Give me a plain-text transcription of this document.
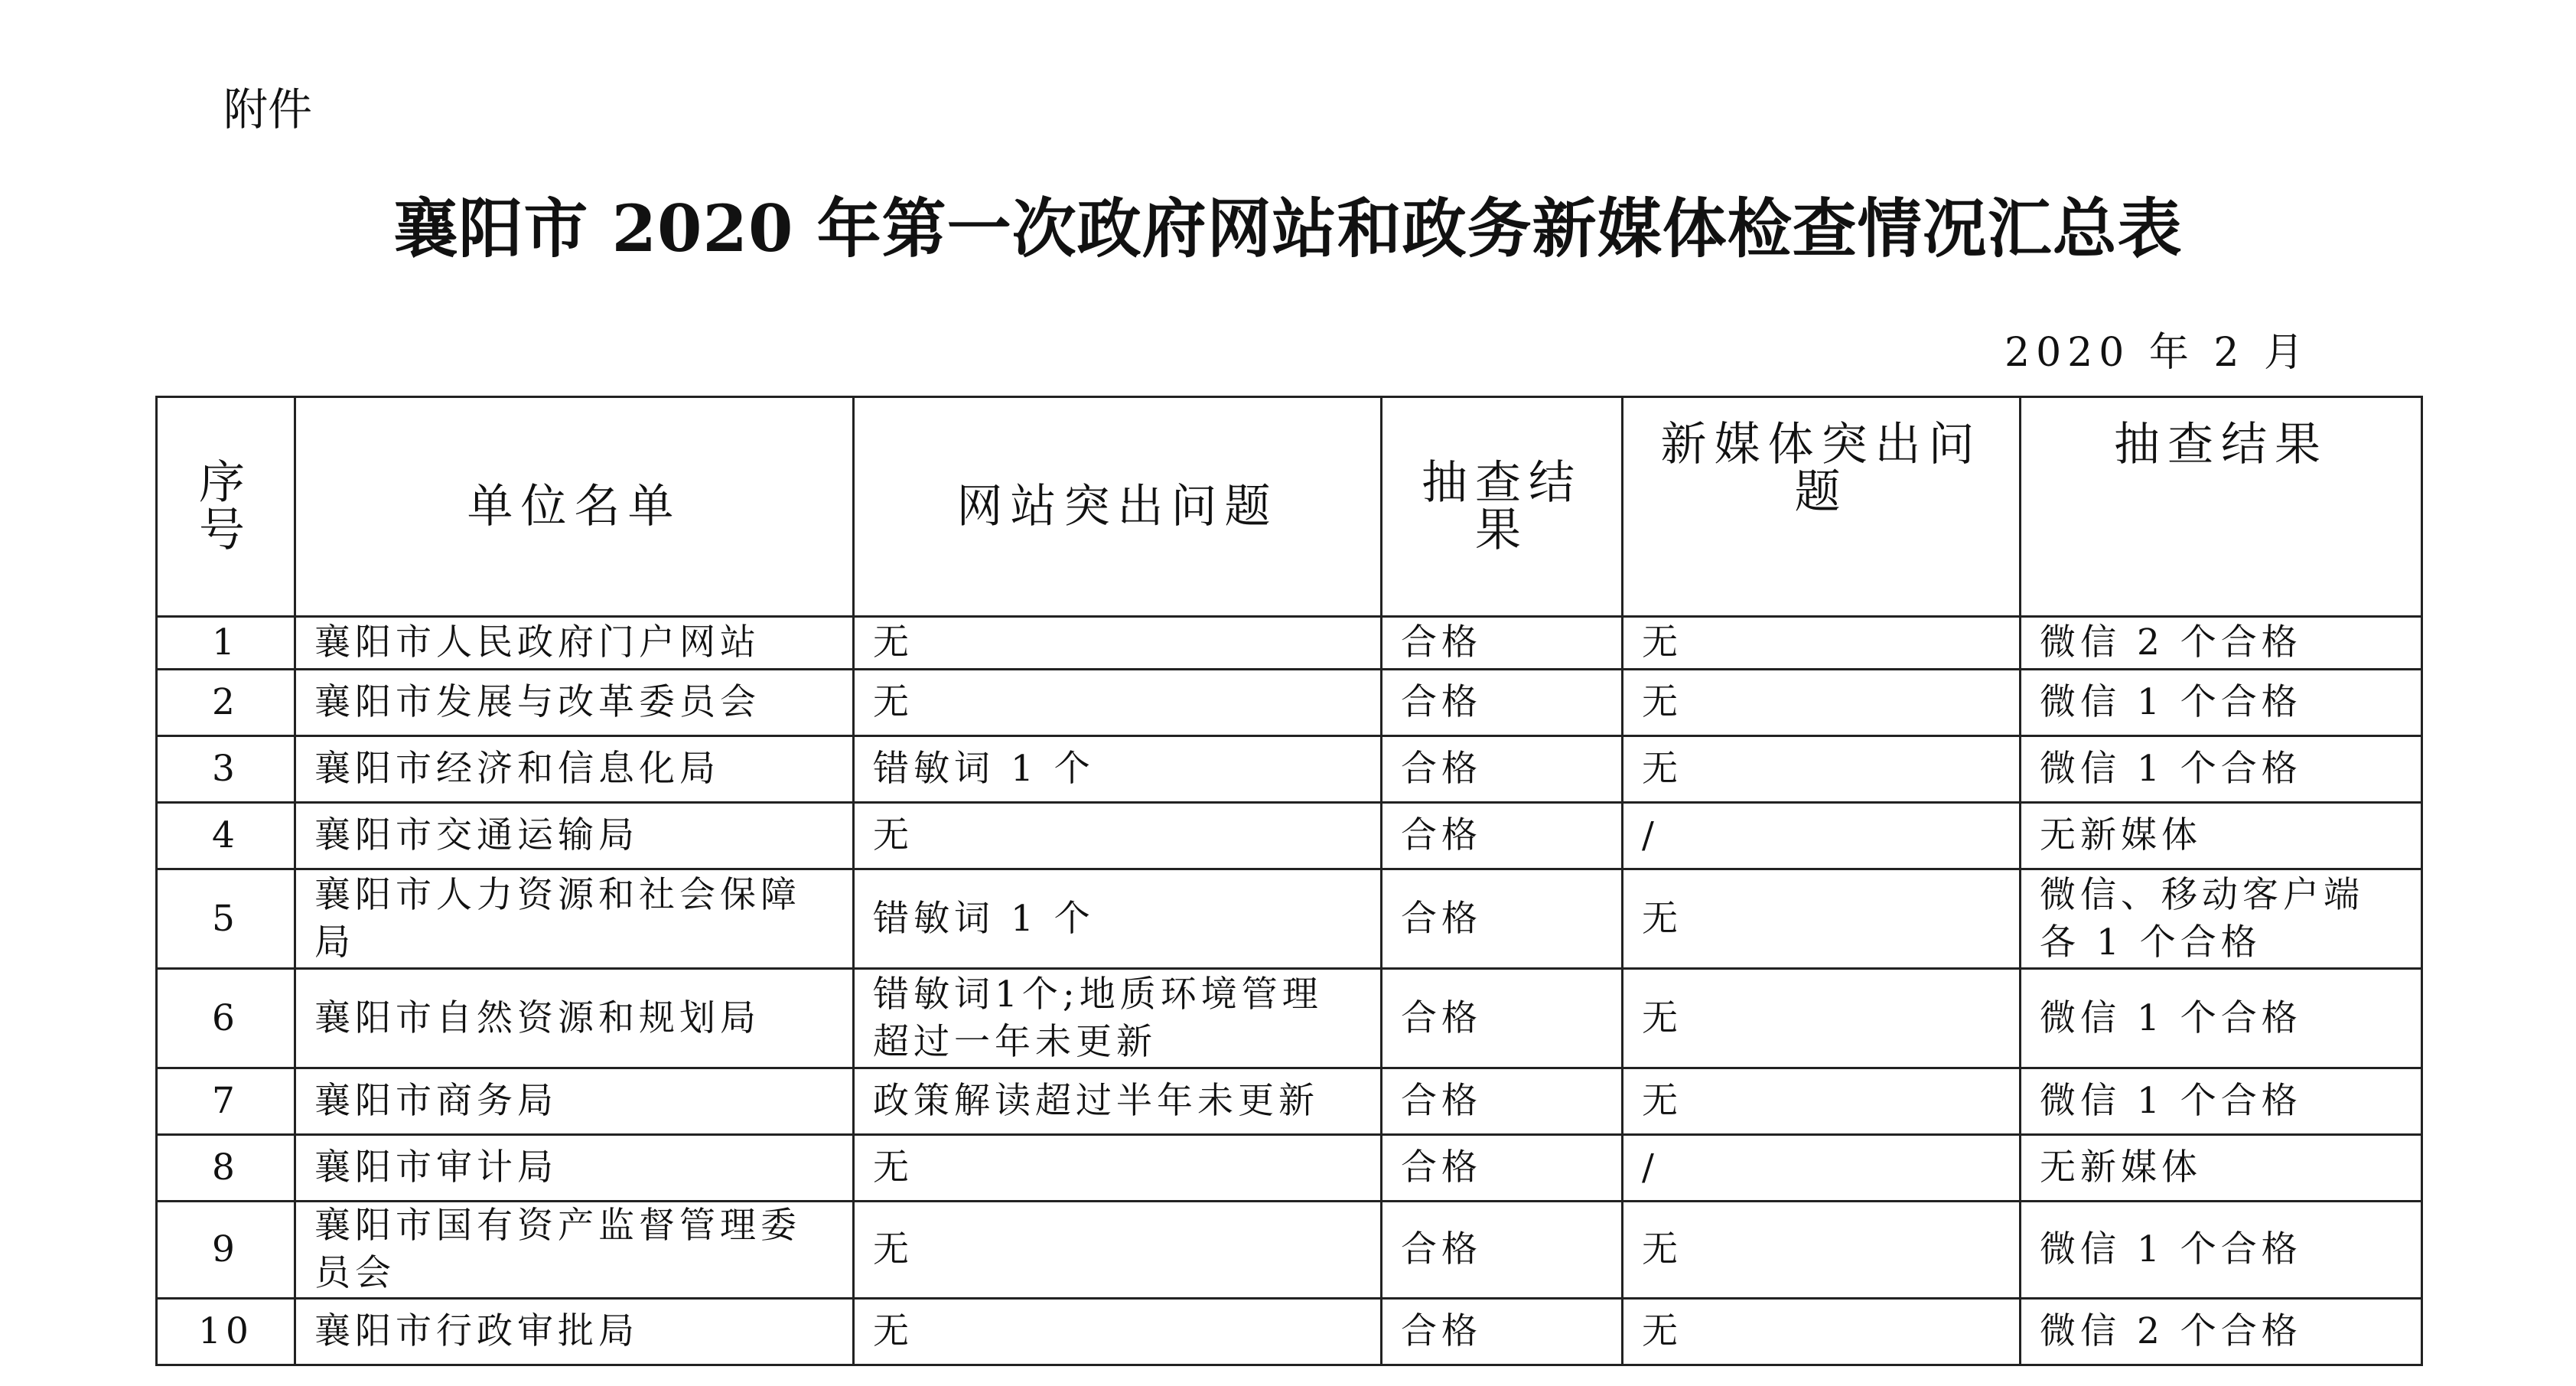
附件
襄阳市 2020 年第一次政府网站和政务新媒体检查情况汇总表
2020 年 2 月
序号	单位名单	网站突出问题	抽查结果	新媒体突出问题	抽查结果
1	襄阳市人民政府门户网站	无	合格	无	微信 2 个合格
2	襄阳市发展与改革委员会	无	合格	无	微信 1 个合格
3	襄阳市经济和信息化局	错敏词 1 个	合格	无	微信 1 个合格
4	襄阳市交通运输局	无	合格	/	无新媒体
5	襄阳市人力资源和社会保障局	错敏词 1 个	合格	无	微信、移动客户端各 1 个合格
6	襄阳市自然资源和规划局	错敏词1个;地质环境管理超过一年未更新	合格	无	微信 1 个合格
7	襄阳市商务局	政策解读超过半年未更新	合格	无	微信 1 个合格
8	襄阳市审计局	无	合格	/	无新媒体
9	襄阳市国有资产监督管理委员会	无	合格	无	微信 1 个合格
10	襄阳市行政审批局	无	合格	无	微信 2 个合格
